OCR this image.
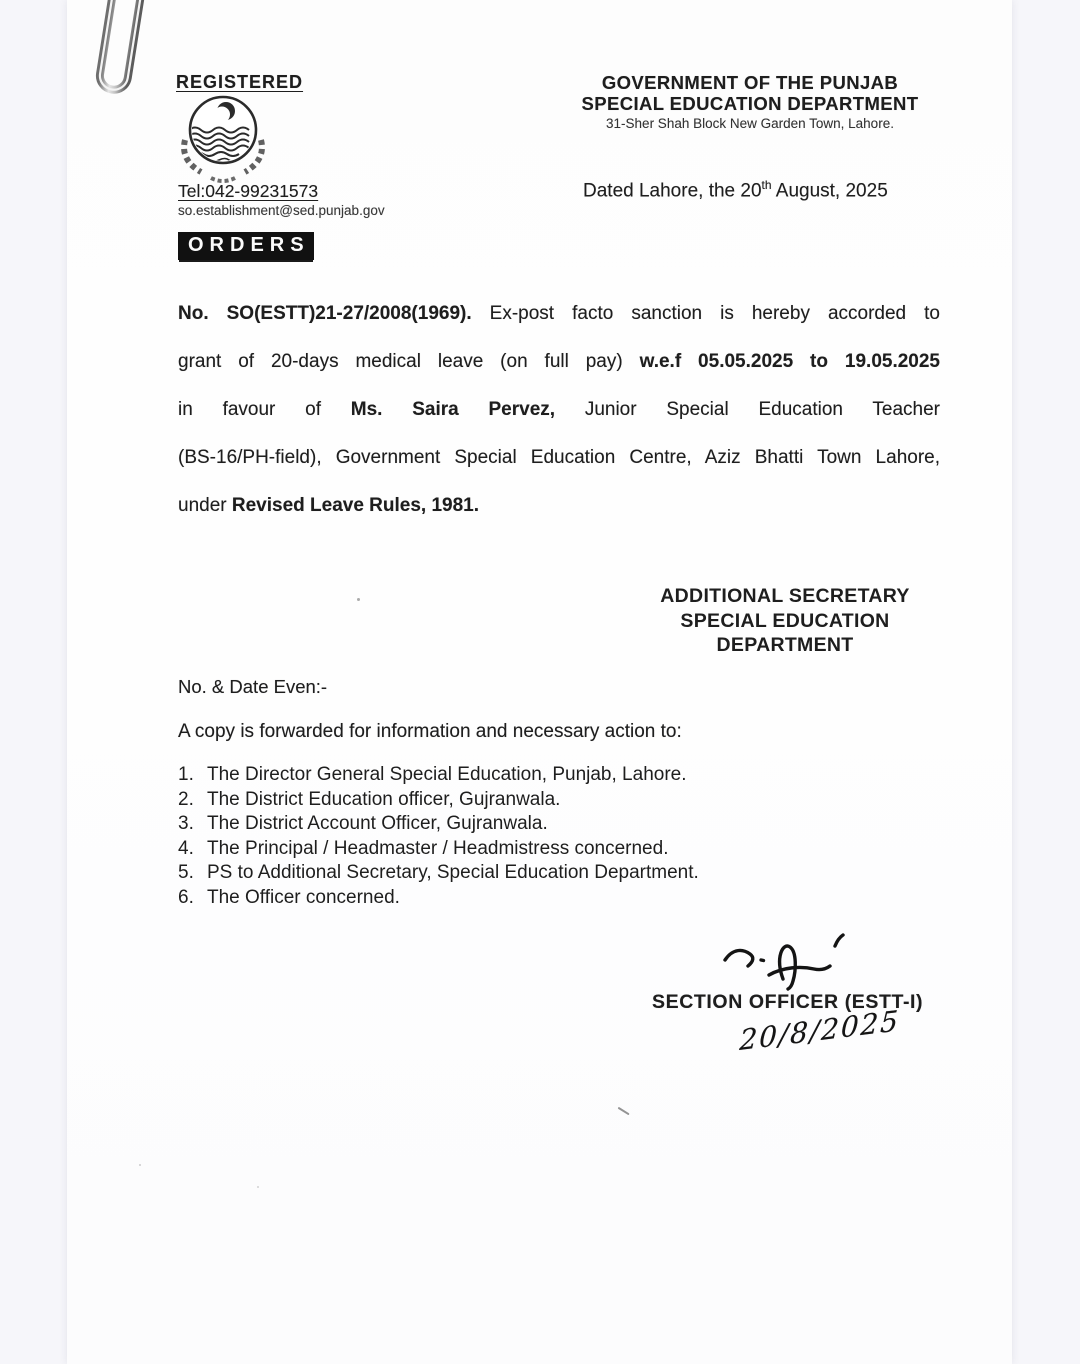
REGISTERED
Tel:042-99231573
so.establishment@sed.punjab.gov
ORDERS
GOVERNMENT OF THE PUNJAB
SPECIAL EDUCATION DEPARTMENT
31-Sher Shah Block New Garden Town, Lahore.
Dated Lahore, the 20th August, 2025
No. SO(ESTT)21-27/2008(1969). Ex-post facto sanction is hereby accorded to
grant of 20-days medical leave (on full pay) w.e.f 05.05.2025 to 19.05.2025
in favour of Ms. Saira Pervez, Junior Special Education Teacher
(BS-16/PH-field), Government Special Education Centre, Aziz Bhatti Town Lahore,
under Revised Leave Rules, 1981.
ADDITIONAL SECRETARY
SPECIAL EDUCATION
DEPARTMENT
No. & Date Even:-
A copy is forwarded for information and necessary action to:
1. The Director General Special Education, Punjab, Lahore.
2. The District Education officer, Gujranwala.
3. The District Account Officer, Gujranwala.
4. The Principal / Headmaster / Headmistress concerned.
5. PS to Additional Secretary, Special Education Department.
6. The Officer concerned.
SECTION OFFICER (ESTT-I)
20/8/2025
